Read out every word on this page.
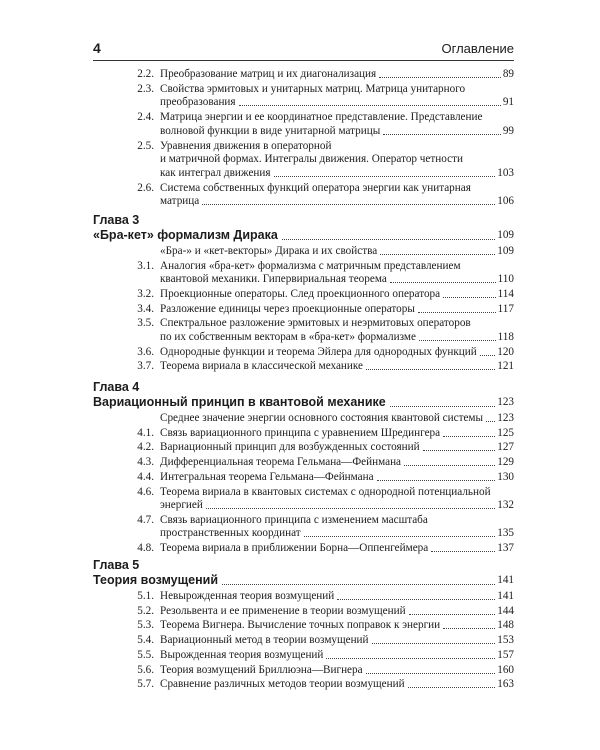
4	Оглавление
2.2. Преобразование матриц и их диагонализация	89
2.3. Свойства эрмитовых и унитарных матриц. Матрица унитарного
преобразования	91
2.4. Матрица энергии и ее координатное представление. Представление
волновой функции в виде унитарной матрицы	99
2.5. Уравнения движения в операторной
и матричной формах. Интегралы движения. Оператор четности
как интеграл движения	103
2.6. Система собственных функций оператора энергии как унитарная
матрица	106
Глава 3
«Бра-кет» формализм Дирака	109
«Бра-» и «кет-векторы» Дирака и их свойства	109
3.1. Аналогия «бра-кет» формализма с матричным представлением
квантовой механики. Гипервириальная теорема	110
3.2. Проекционные операторы. След проекционного оператора	114
3.4. Разложение единицы через проекционные операторы	117
3.5. Спектральное разложение эрмитовых и неэрмитовых операторов
по их собственным векторам в «бра-кет» формализме	118
3.6. Однородные функции и теорема Эйлера для однородных функций 120
3.7. Теорема вириала в классической механике	121
Глава 4
Вариационный принцип в квантовой механике	123
Среднее значение энергии основного состояния квантовой системы 123
4.1. Связь вариационного принципа с уравнением Шредингера	125
4.2. Вариационный принцип для возбужденных состояний	127
4.3. Дифференциальная теорема Гельмана—Фейнмана	129
4.4. Интегральная теорема Гельмана—Фейнмана	130
4.6. Теорема вириала в квантовых системах с однородной потенциальной
энергией	132
4.7. Связь вариационного принципа с изменением масштаба
пространственных координат	135
4.8. Теорема вириала в приближении Борна—Оппенгеймера	137
Глава 5
Теория возмущений	141
5.1. Невырожденная теория возмущений	141
5.2. Резольвента и ее применение в теории возмущений	144
5.3. Теорема Вигнера. Вычисление точных поправок к энергии	148
5.4. Вариационный метод в теории возмущений	153
5.5. Вырожденная теория возмущений	157
5.6. Теория возмущений Бриллюэна—Вигнера	160
5.7. Сравнение различных методов теории возмущений	163
